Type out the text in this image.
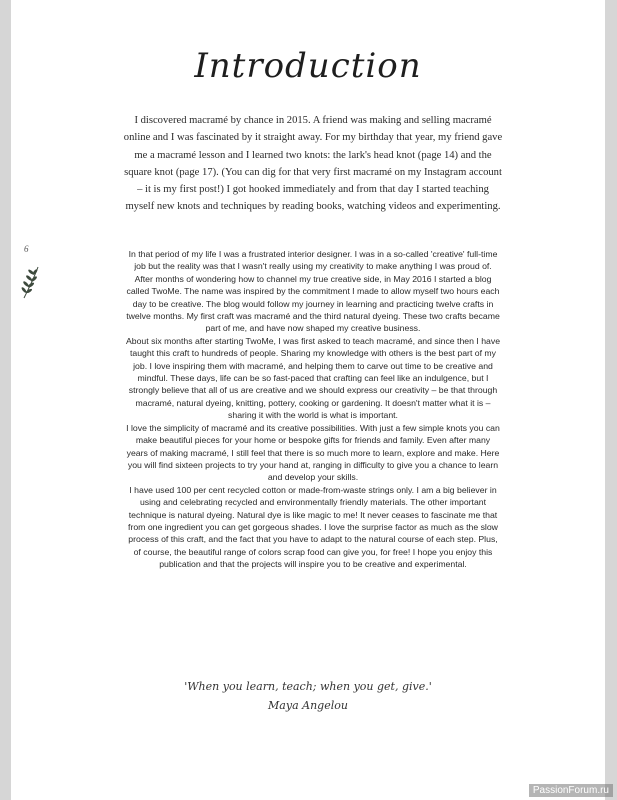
Introduction

I discovered macramé by chance in 2015. A friend was making and selling macramé online and I was fascinated by it straight away. For my birthday that year, my friend gave me a macramé lesson and I learned two knots: the lark's head knot (page 14) and the square knot (page 17). (You can dig for that very first macramé on my Instagram account – it is my first post!) I got hooked immediately and from that day I started teaching myself new knots and techniques by reading books, watching videos and experimenting.

6	In that period of my life I was a frustrated interior designer. I was in a so-called 'creative' full-time job but the reality was that I wasn't really using my creativity to make anything I was proud of. After months of wondering how to channel my true creative side, in May 2016 I started a blog called TwoMe. The name was inspired by the commitment I made to allow myself two hours each day to be creative. The blog would follow my journey in learning and practicing twelve crafts in twelve months. My first craft was macramé and the third natural dyeing. These two crafts became part of me, and have now shaped my creative business.

About six months after starting TwoMe, I was first asked to teach macramé, and since then I have taught this craft to hundreds of people. Sharing my knowledge with others is the best part of my job. I love inspiring them with macramé, and helping them to carve out time to be creative and mindful. These days, life can be so fast-paced that crafting can feel like an indulgence, but I strongly believe that all of us are creative and we should express our creativity – be that through macramé, natural dyeing, knitting, pottery, cooking or gardening. It doesn't matter what it is – sharing it with the world is what is important.

I love the simplicity of macramé and its creative possibilities. With just a few simple knots you can make beautiful pieces for your home or bespoke gifts for friends and family. Even after many years of making macramé, I still feel that there is so much more to learn, explore and make. Here you will find sixteen projects to try your hand at, ranging in difficulty to give you a chance to learn and develop your skills.

I have used 100 per cent recycled cotton or made-from-waste strings only. I am a big believer in using and celebrating recycled and environmentally friendly materials. The other important technique is natural dyeing. Natural dye is like magic to me! It never ceases to fascinate me that from one ingredient you can get gorgeous shades. I love the surprise factor as much as the slow process of this craft, and the fact that you have to adapt to the natural course of each step. Plus, of course, the beautiful range of colors scrap food can give you, for free! I hope you enjoy this publication and that the projects will inspire you to be creative and experimental.

'When you learn, teach; when you get, give.'
Maya Angelou
PassionForum.ru
